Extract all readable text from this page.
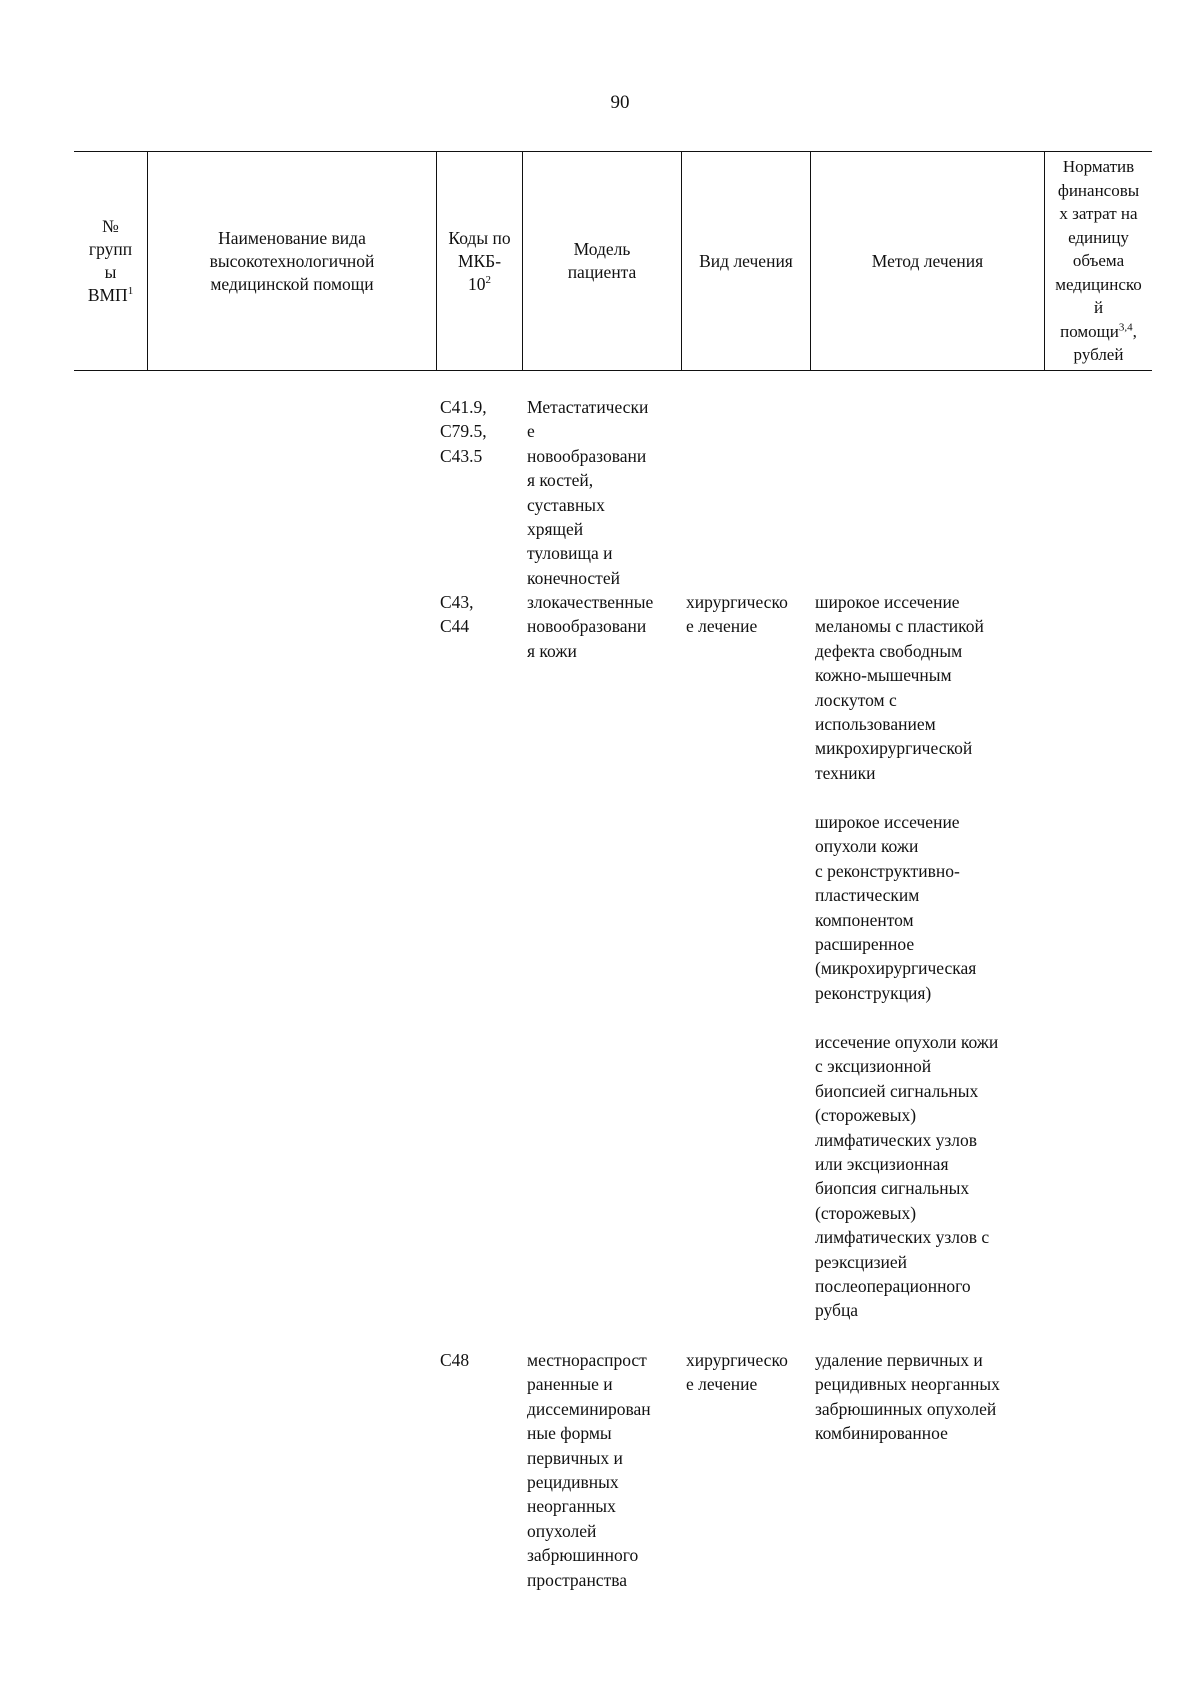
90
№
групп
ы
ВМП$^1$
Наименование вида
высокотехнологичной
медицинской помощи
Коды по
МКБ-
$10^2$
Модель
пациента
Вид лечения	Метод лечения
Норматив
финансовы
х затрат на
единицу
объема
медицинско
й
помощи$^{3,4}$,
рублей
C41.9,
C79.5,
C43.5
Метастатически
е
новообразовани
я костей,
суставных
хрящей
туловища и
конечностей
C43,
C44
злокачественные
новообразовани
я кожи
хирургическо
е лечение
широкое иссечение
меланомы с пластикой
дефекта свободным
кожно-мышечным
лоскутом с
использованием
микрохирургической
техники
широкое иссечение
опухоли кожи
с реконструктивно-
пластическим
компонентом
расширенное
(микрохирургическая
реконструкция)
иссечение опухоли кожи
с эксцизионной
биопсией сигнальных
(сторожевых)
лимфатических узлов
или эксцизионная
биопсия сигнальных
(сторожевых)
лимфатических узлов с
реэксцизией
послеоперационного
рубца
C48	местнораспрост
раненные и
диссеминирован
ные формы
первичных и
рецидивных
неорганных
опухолей
забрюшинного
пространства
хирургическо
е лечение
удаление первичных и
рецидивных неорганных
забрюшинных опухолей
комбинированное
